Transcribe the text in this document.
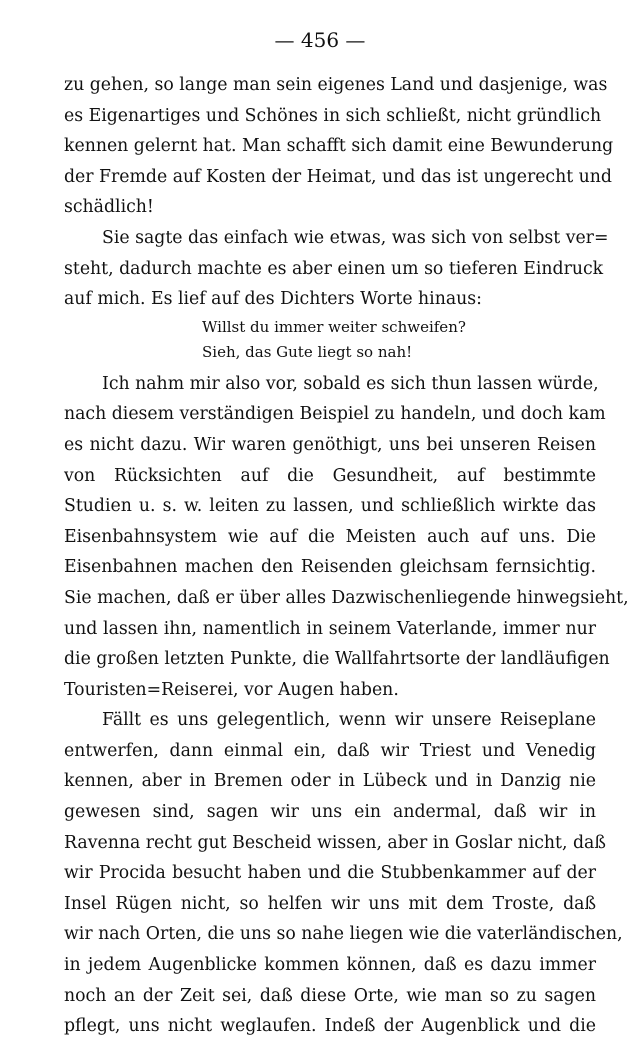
— 456 —
zu gehen, so lange man sein eigenes Land und dasjenige, was
es Eigenartiges und Schönes in sich schließt, nicht gründlich
kennen gelernt hat. Man schafft sich damit eine Bewunderung
der Fremde auf Kosten der Heimat, und das ist ungerecht und
schädlich!
Sie sagte das einfach wie etwas, was sich von selbst ver=
steht, dadurch machte es aber einen um so tieferen Eindruck
auf mich. Es lief auf des Dichters Worte hinaus:
Willst du immer weiter schweifen?
Sieh, das Gute liegt so nah!
Ich nahm mir also vor, sobald es sich thun lassen würde,
nach diesem verständigen Beispiel zu handeln, und doch kam
es nicht dazu. Wir waren genöthigt, uns bei unseren Reisen
von Rücksichten auf die Gesundheit, auf bestimmte
Studien u. s. w. leiten zu lassen, und schließlich wirkte das
Eisenbahnsystem wie auf die Meisten auch auf uns. Die
Eisenbahnen machen den Reisenden gleichsam fernsichtig.
Sie machen, daß er über alles Dazwischenliegende hinwegsieht,
und lassen ihn, namentlich in seinem Vaterlande, immer nur
die großen letzten Punkte, die Wallfahrtsorte der landläufigen
Touristen=Reiserei, vor Augen haben.
Fällt es uns gelegentlich, wenn wir unsere Reiseplane
entwerfen, dann einmal ein, daß wir Triest und Venedig
kennen, aber in Bremen oder in Lübeck und in Danzig nie
gewesen sind, sagen wir uns ein andermal, daß wir in
Ravenna recht gut Bescheid wissen, aber in Goslar nicht, daß
wir Procida besucht haben und die Stubbenkammer auf der
Insel Rügen nicht, so helfen wir uns mit dem Troste, daß
wir nach Orten, die uns so nahe liegen wie die vaterländischen,
in jedem Augenblicke kommen können, daß es dazu immer
noch an der Zeit sei, daß diese Orte, wie man so zu sagen
pflegt, uns nicht weglaufen. Indeß der Augenblick und die
